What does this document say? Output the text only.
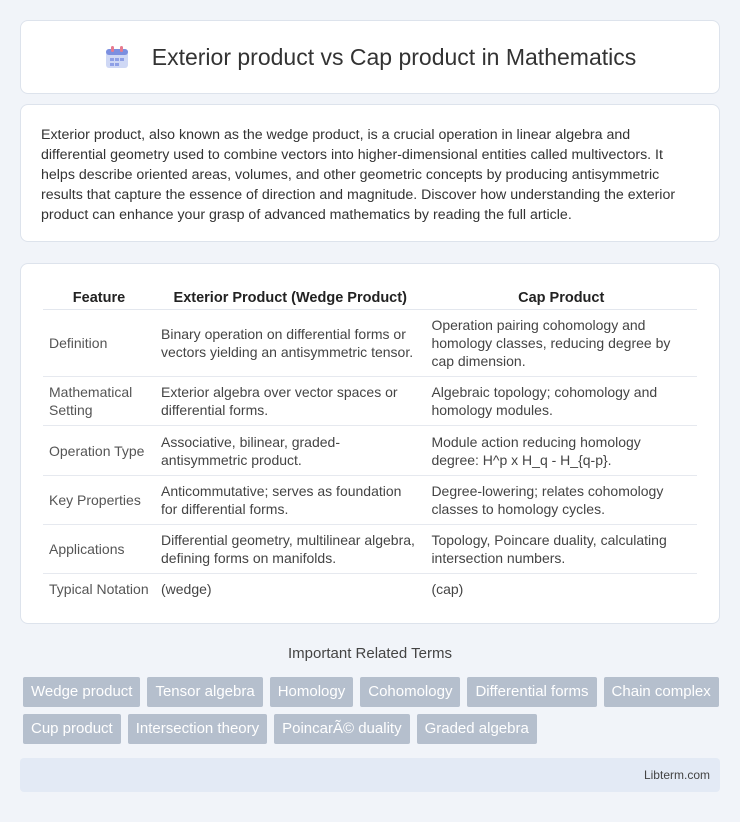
Exterior product vs Cap product in Mathematics

Exterior product, also known as the wedge product, is a crucial operation in linear algebra and differential geometry used to combine vectors into higher-dimensional entities called multivectors. It helps describe oriented areas, volumes, and other geometric concepts by producing antisymmetric results that capture the essence of direction and magnitude. Discover how understanding the exterior product can enhance your grasp of advanced mathematics by reading the full article.

Feature	Exterior Product (Wedge Product)	Cap Product
Definition	Binary operation on differential forms or vectors yielding an antisymmetric tensor.	Operation pairing cohomology and homology classes, reducing degree by cap dimension.
Mathematical Setting	Exterior algebra over vector spaces or differential forms.	Algebraic topology; cohomology and homology modules.
Operation Type	Associative, bilinear, graded-antisymmetric product.	Module action reducing homology degree: H^p x H_q - H_{q-p}.
Key Properties	Anticommutative; serves as foundation for differential forms.	Degree-lowering; relates cohomology classes to homology cycles.
Applications	Differential geometry, multilinear algebra, defining forms on manifolds.	Topology, Poincare duality, calculating intersection numbers.
Typical Notation	(wedge)	(cap)
Important Related Terms
Wedge product	Tensor algebra	Homology	Cohomology	Differential forms	Chain complex
Cup product	Intersection theory	PoincarÃ© duality	Graded algebra
Libterm.com
